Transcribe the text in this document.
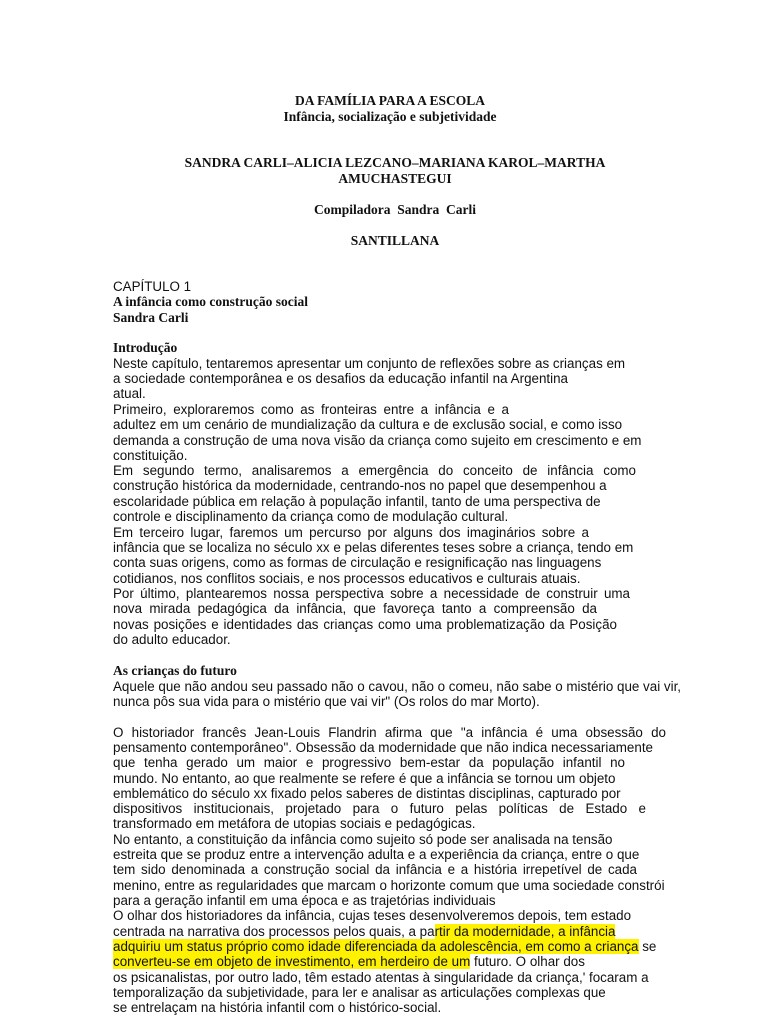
DA FAMÍLIA PARA A ESCOLA
Infância, socialização e subjetividade
SANDRA CARLI–ALICIA LEZCANO–MARIANA KAROL–MARTHA
AMUCHASTEGUI
Compiladora  Sandra  Carli
SANTILLANA
CAPÍTULO 1
A infância como construção social
Sandra Carli
Introdução
Neste capítulo, tentaremos apresentar um conjunto de reflexões sobre as crianças em
a sociedade contemporânea e os desafios da educação infantil na Argentina
atual.
Primeiro, exploraremos como as fronteiras entre a infância e a
adultez em um cenário de mundialização da cultura e de exclusão social, e como isso
demanda a construção de uma nova visão da criança como sujeito em crescimento e em
constituição.
Em segundo termo, analisaremos a emergência do conceito de infância como
construção histórica da modernidade, centrando-nos no papel que desempenhou a
escolaridade pública em relação à população infantil, tanto de uma perspectiva de
controle e disciplinamento da criança como de modulação cultural.
Em terceiro lugar, faremos um percurso por alguns dos imaginários sobre a
infância que se localiza no século xx e pelas diferentes teses sobre a criança, tendo em
conta suas origens, como as formas de circulação e resignificação nas linguagens
cotidianos, nos conflitos sociais, e nos processos educativos e culturais atuais.
Por último, plantearemos nossa perspectiva sobre a necessidade de construir uma
nova mirada pedagógica da infância, que favoreça tanto a compreensão da
novas posições e identidades das crianças como uma problematização da Posição
do adulto educador.
As crianças do futuro
Aquele que não andou seu passado não o cavou, não o comeu, não sabe o mistério que vai vir,
nunca pôs sua vida para o mistério que vai vir" (Os rolos do mar Morto).
O historiador francês Jean-Louis Flandrin afirma que "a infância é uma obsessão do
pensamento contemporâneo". Obsessão da modernidade que não indica necessariamente
que tenha gerado um maior e progressivo bem-estar da população infantil no
mundo. No entanto, ao que realmente se refere é que a infância se tornou um objeto
emblemático do século xx fixado pelos saberes de distintas disciplinas, capturado por
dispositivos institucionais, projetado para o futuro pelas políticas de Estado e
transformado em metáfora de utopias sociais e pedagógicas.
No entanto, a constituição da infância como sujeito só pode ser analisada na tensão
estreita que se produz entre a intervenção adulta e a experiência da criança, entre o que
tem sido denominada a construção social da infância e a história irrepetível de cada
menino, entre as regularidades que marcam o horizonte comum que uma sociedade constrói
para a geração infantil em uma época e as trajetórias individuais
O olhar dos historiadores da infância, cujas teses desenvolveremos depois, tem estado
centrada na narrativa dos processos pelos quais, a partir da modernidade, a infância
adquiriu um status próprio como idade diferenciada da adolescência, em como a criança se
converteu-se em objeto de investimento, em herdeiro de um futuro. O olhar dos
os psicanalistas, por outro lado, têm estado atentas à singularidade da criança,' focaram a
temporalização da subjetividade, para ler e analisar as articulações complexas que
se entrelaçam na história infantil com o histórico-social.
